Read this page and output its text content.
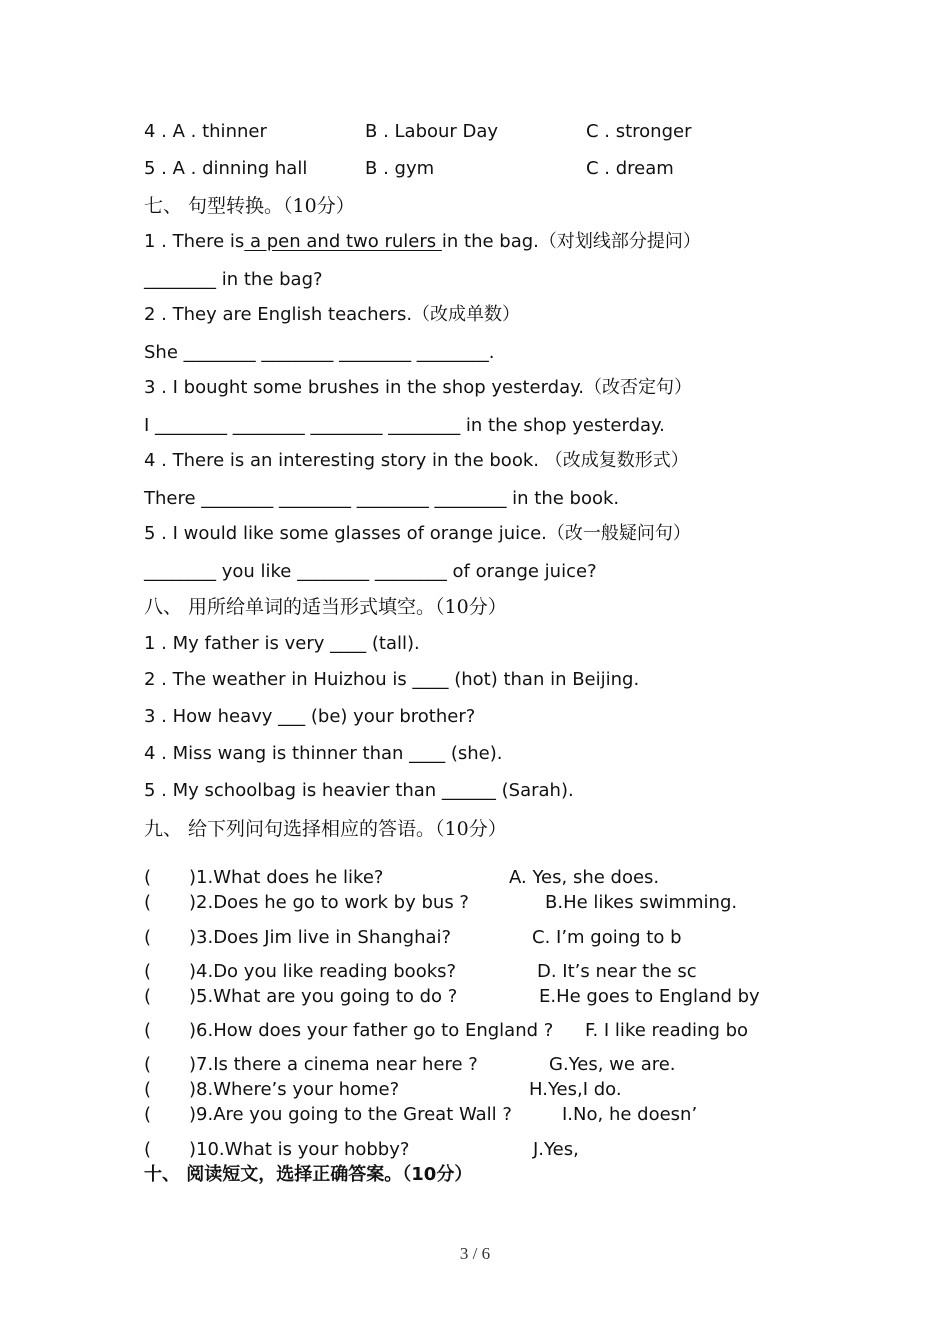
4 . A . thinner	B . Labour Day	C . stronger
5 . A . dinning hall	B . gym	C . dream
七、 句型转换。（10分）
1 . There is a pen and two rulers in the bag.（对划线部分提问）
________ in the bag?
2 . They are English teachers.（改成单数）
She ________ ________ ________ ________.
3 . I bought some brushes in the shop yesterday.（改否定句）
I ________ ________ ________ ________ in the shop yesterday.
4 . There is an interesting story in the book. （改成复数形式）
There ________ ________ ________ ________ in the book.
5 . I would like some glasses of orange juice.（改一般疑问句）
________ you like ________ ________ of orange juice?
八、 用所给单词的适当形式填空。（10分）
1 . My father is very ____ (tall).
2 . The weather in Huizhou is ____ (hot) than in Beijing.
3 . How heavy ___ (be) your brother?
4 . Miss wang is thinner than ____ (she).
5 . My schoolbag is heavier than ______ (Sarah).
九、 给下列问句选择相应的答语。（10分）
( )1.What does he like?	A. Yes, she does.
( )2.Does he go to work by bus ?	B.He likes swimming.
( )3.Does Jim live in Shanghai?	C. I’m going to b
( )4.Do you like reading books?	D. It’s near the sc
( )5.What are you going to do ?	E.He goes to England by
( )6.How does your father go to England ? F. I like reading bo
( )7.Is there a cinema near here ?	G.Yes, we are.
( )8.Where’s your home?	H.Yes,I do.
( )9.Are you going to the Great Wall ?	I.No, he doesn’
( )10.What is your hobby?	J.Yes,
十、 阅读短文，选择正确答案。（10分）
3 / 6
